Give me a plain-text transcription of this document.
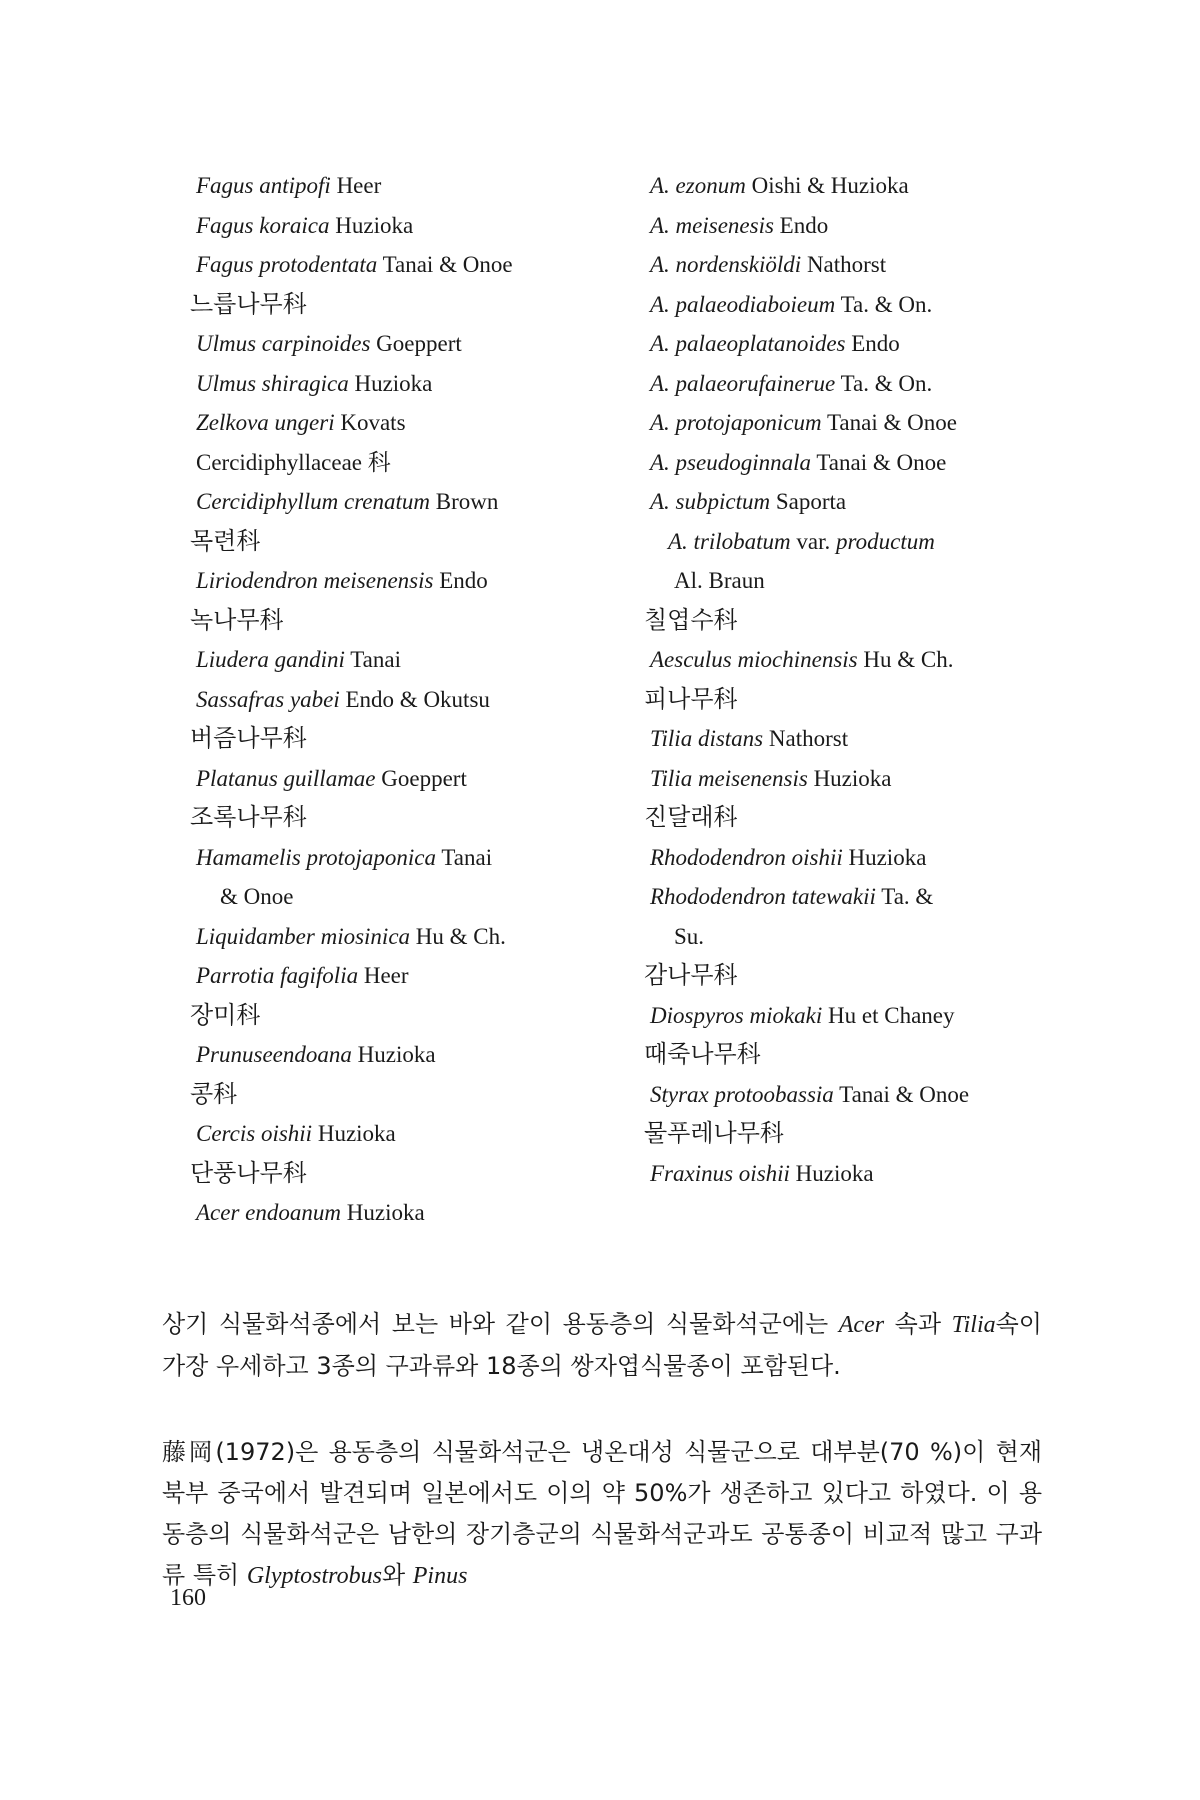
Fagus antipofi Heer
Fagus koraica Huzioka
Fagus protodentata Tanai & Onoe
느릅나무科
Ulmus carpinoides Goeppert
Ulmus shiragica Huzioka
Zelkova ungeri Kovats
Cercidiphyllaceae 科
Cercidiphyllum crenatum Brown
목련科
Liriodendron meisenensis Endo
녹나무科
Liudera gandini Tanai
Sassafras yabei Endo & Okutsu
버즘나무科
Platanus guillamae Goeppert
조록나무科
Hamamelis protojaponica Tanai
& Onoe
Liquidamber miosinica Hu & Ch.
Parrotia fagifolia Heer
장미科
Prunuseendoana Huzioka
콩科
Cercis oishii Huzioka
단풍나무科
Acer endoanum Huzioka
A. ezonum Oishi & Huzioka
A. meisenesis Endo
A. nordenskiöldi Nathorst
A. palaeodiaboieum Ta. & On.
A. palaeoplatanoides Endo
A. palaeorufainerue Ta. & On.
A. protojaponicum Tanai & Onoe
A. pseudoginnala Tanai & Onoe
A. subpictum Saporta
A. trilobatum var. productum
Al. Braun
칠엽수科
Aesculus miochinensis Hu & Ch.
피나무科
Tilia distans Nathorst
Tilia meisenensis Huzioka
진달래科
Rhododendron oishii Huzioka
Rhododendron tatewakii Ta. &
Su.
감나무科
Diospyros miokaki Hu et Chaney
때죽나무科
Styrax protoobassia Tanai & Onoe
물푸레나무科
Fraxinus oishii Huzioka

상기 식물화석종에서 보는 바와 같이 용동층의 식물화석군에는 Acer 속과 Tilia속이 가장 우세하고 3종의 구과류와 18종의 쌍자엽식물종이 포함된다.

藤岡(1972)은 용동층의 식물화석군은 냉온대성 식물군으로 대부분(70 %)이 현재 북부 중국에서 발견되며 일본에서도 이의 약 50%가 생존하고 있다고 하였다. 이 용동층의 식물화석군은 남한의 장기층군의 식물화석군과도 공통종이 비교적 많고 구과류 특히 Glyptostrobus와 Pinus

160
